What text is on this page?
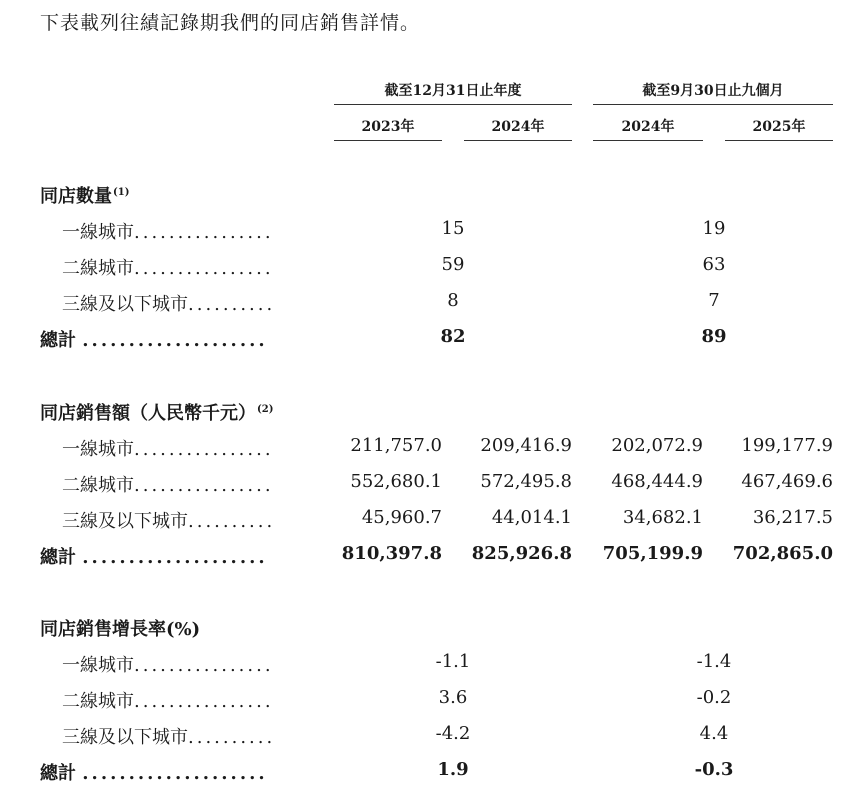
下表載列往績記錄期我們的同店銷售詳情。
截至12月31日止年度	截至9月30日止九個月
2023年	2024年	2024年	2025年
同店數量$^{(1)}$
一線城市................	15	19
二線城市................	59	63
三線及以下城市..........	8	7
總計 ....................	82	89
同店銷售額（人民幣千元）$^{(2)}$
一線城市................	211,757.0	209,416.9	202,072.9	199,177.9
二線城市................	552,680.1	572,495.8	468,444.9	467,469.6
三線及以下城市..........	45,960.7	44,014.1	34,682.1	36,217.5
總計 ....................	810,397.8	825,926.8	705,199.9	702,865.0
同店銷售增長率(%)
一線城市................	-1.1	-1.4
二線城市................	3.6	-0.2
三線及以下城市..........	-4.2	4.4
總計 ....................	1.9	-0.3
